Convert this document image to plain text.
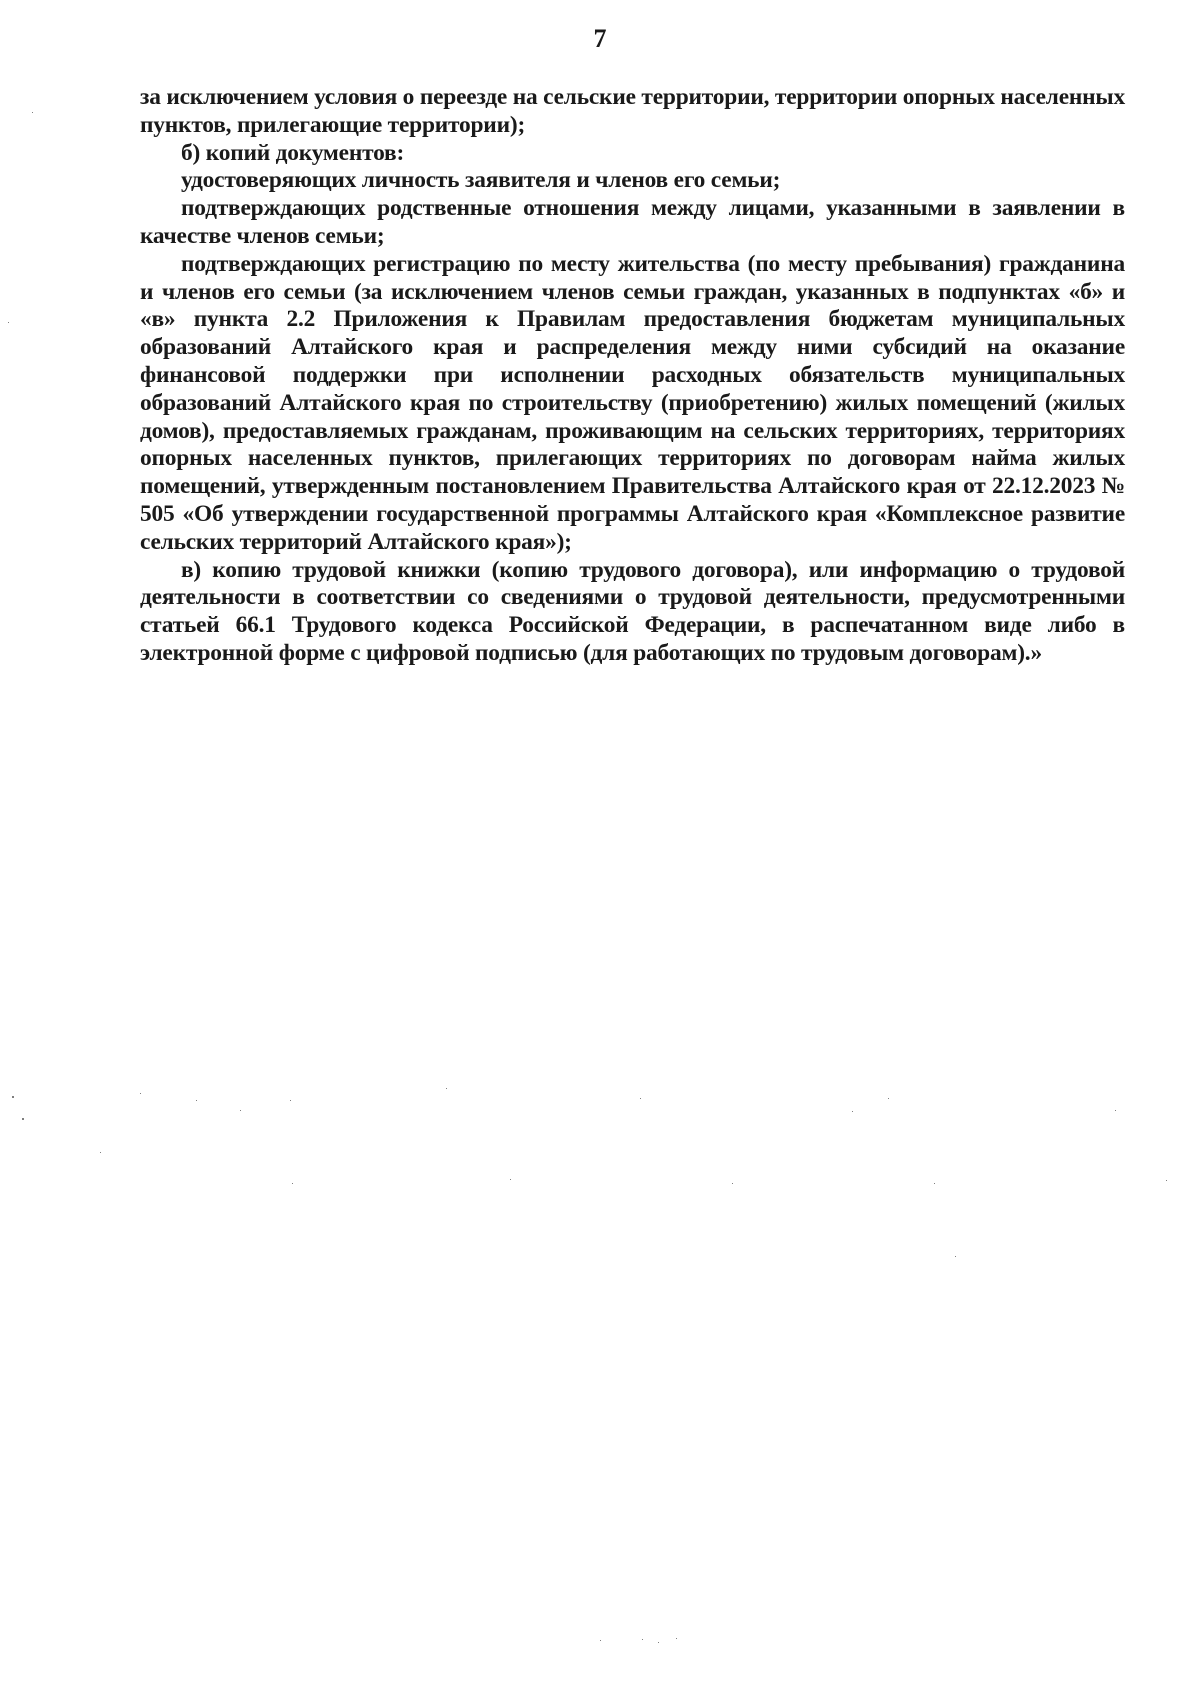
7

за исключением условия о переезде на сельские территории, территории опорных населенных пунктов, прилегающие территории);

б) копий документов:

удостоверяющих личность заявителя и членов его семьи;

подтверждающих родственные отношения между лицами, указанными в заявлении в качестве членов семьи;

подтверждающих регистрацию по месту жительства (по месту пребывания) гражданина и членов его семьи (за исключением членов семьи граждан, указанных в подпунктах «б» и «в» пункта 2.2 Приложения к Правилам предоставления бюджетам муниципальных образований Алтайского края и распределения между ними субсидий на оказание финансовой поддержки при исполнении расходных обязательств муниципальных образований Алтайского края по строительству (приобретению) жилых помещений (жилых домов), предоставляемых гражданам, проживающим на сельских территориях, территориях опорных населенных пунктов, прилегающих территориях по договорам найма жилых помещений, утвержденным постановлением Правительства Алтайского края от 22.12.2023 № 505 «Об утверждении государственной программы Алтайского края «Комплексное развитие сельских территорий Алтайского края»);

в) копию трудовой книжки (копию трудового договора), или информацию о трудовой деятельности в соответствии со сведениями о трудовой деятельности, предусмотренными статьей 66.1 Трудового кодекса Российской Федерации, в распечатанном виде либо в электронной форме с цифровой подписью (для работающих по трудовым договорам).»
